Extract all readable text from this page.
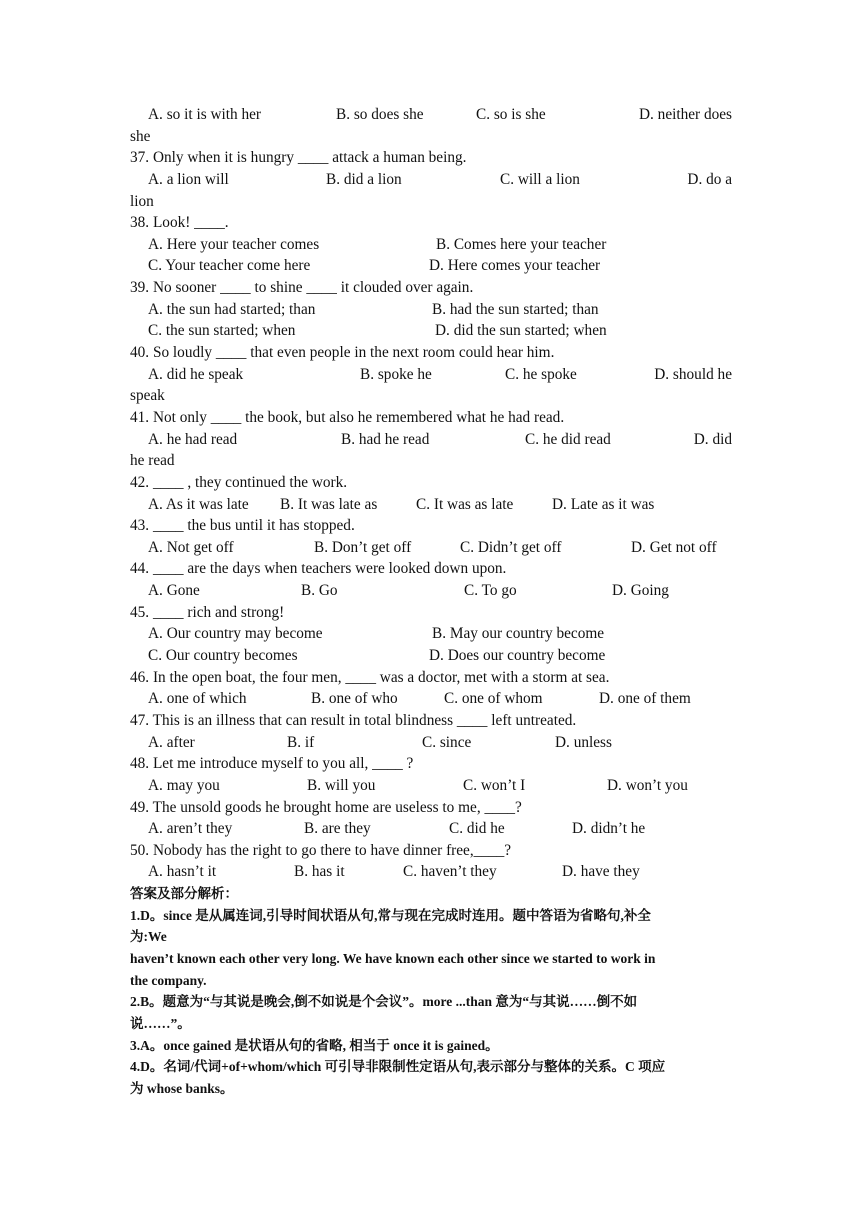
A. so it is with her	B. so does she	C. so is she	D. neither does
she
37. Only when it is hungry ____ attack a human being.
A. a lion will	B. did a lion	C. will a lion	D. do a
lion
38. Look! ____.
A. Here your teacher comes	B. Comes here your teacher
C. Your teacher come here	D. Here comes your teacher
39. No sooner ____ to shine ____ it clouded over again.
A. the sun had started; than	B. had the sun started; than
C. the sun started; when	D. did the sun started; when
40. So loudly ____ that even people in the next room could hear him.
A. did he speak	B. spoke he	C. he spoke	D. should he
speak
41. Not only ____ the book, but also he remembered what he had read.
A. he had read	B. had he read	C. he did read	D. did
he read
42. ____ , they continued the work.
A. As it was late B. It was late as	C. It was as late	D. Late as it was
43. ____ the bus until it has stopped.
A. Not get off	B. Don’t get off	C. Didn’t get off	D. Get not off
44. ____ are the days when teachers were looked down upon.
A. Gone	B. Go	C. To go	D. Going
45. ____ rich and strong!
A. Our country may become	B. May our country become
C. Our country becomes	D. Does our country become
46. In the open boat, the four men, ____ was a doctor, met with a storm at sea.
A. one of which	B. one of who	C. one of whom	D. one of them
47. This is an illness that can result in total blindness ____ left untreated.
A. after	B. if	C. since	D. unless
48. Let me introduce myself to you all, ____ ?
A. may you	B. will you	C. won’t I	D. won’t you
49. The unsold goods he brought home are useless to me, ____?
A. aren’t they	B. are they	C. did he	D. didn’t he
50. Nobody has the right to go there to have dinner free,____?
A. hasn’t it	B. has it	C. haven’t they	D. have they
答案及部分解析：
1.D。since 是从属连词,引导时间状语从句,常与现在完成时连用。题中答语为省略句,补全
为:We
haven’t known each other very long. We have known each other since we started to work in
the company.
2.B。题意为“与其说是晚会,倒不如说是个会议”。more ...than 意为“与其说……倒不如
说……”。
3.A。once gained 是状语从句的省略, 相当于 once it is gained。
4.D。名词/代词+of+whom/which 可引导非限制性定语从句,表示部分与整体的关系。C 项应
为 whose banks。
